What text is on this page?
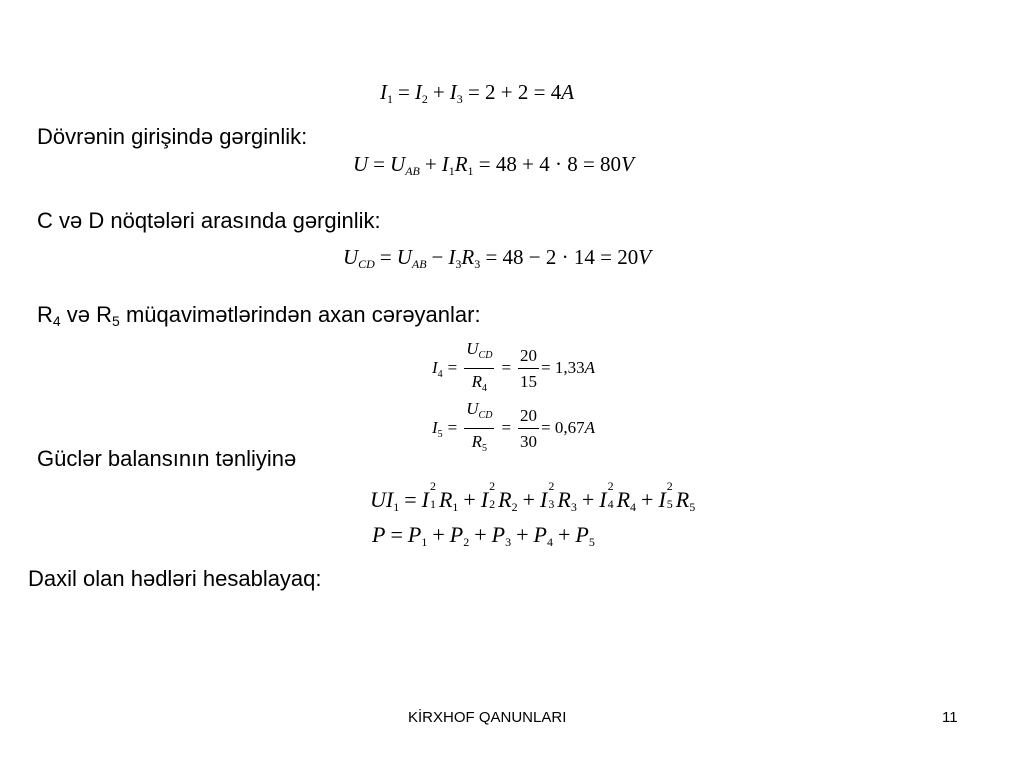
$I_1 = I_2 + I_3 = 2 + 2 = 4A$
Dövrənin girişində gərginlik:
$U = U_{AB} + I_1R_1 = 48 + 4 \cdot 8 = 80V$
C və D nöqtələri arasında gərginlik:
$U_{CD} = U_{AB} - I_3R_3 = 48 - 2 \cdot 14 = 20V$
R4 və R5 müqavimətlərindən axan cərəyanlar:
$I_4 = \frac{U_{CD}}{R_4} = \frac{20}{15} = 1,33A$
$I_5 = \frac{U_{CD}}{R_5} = \frac{20}{30} = 0,67A$
Güclər balansının tənliyinə
$UI_1 = I$
2
1 $R_1 + I$
2
2 $R_2 + I$
2
3 $R_3 + I$
2
4 $R_4 + I$
2
5 $R_5$
$P = P_1 + P_2 + P_3 + P_4 + P_5$
Daxil olan hədləri hesablayaq:
KİRXHOF QANUNLARI	11
